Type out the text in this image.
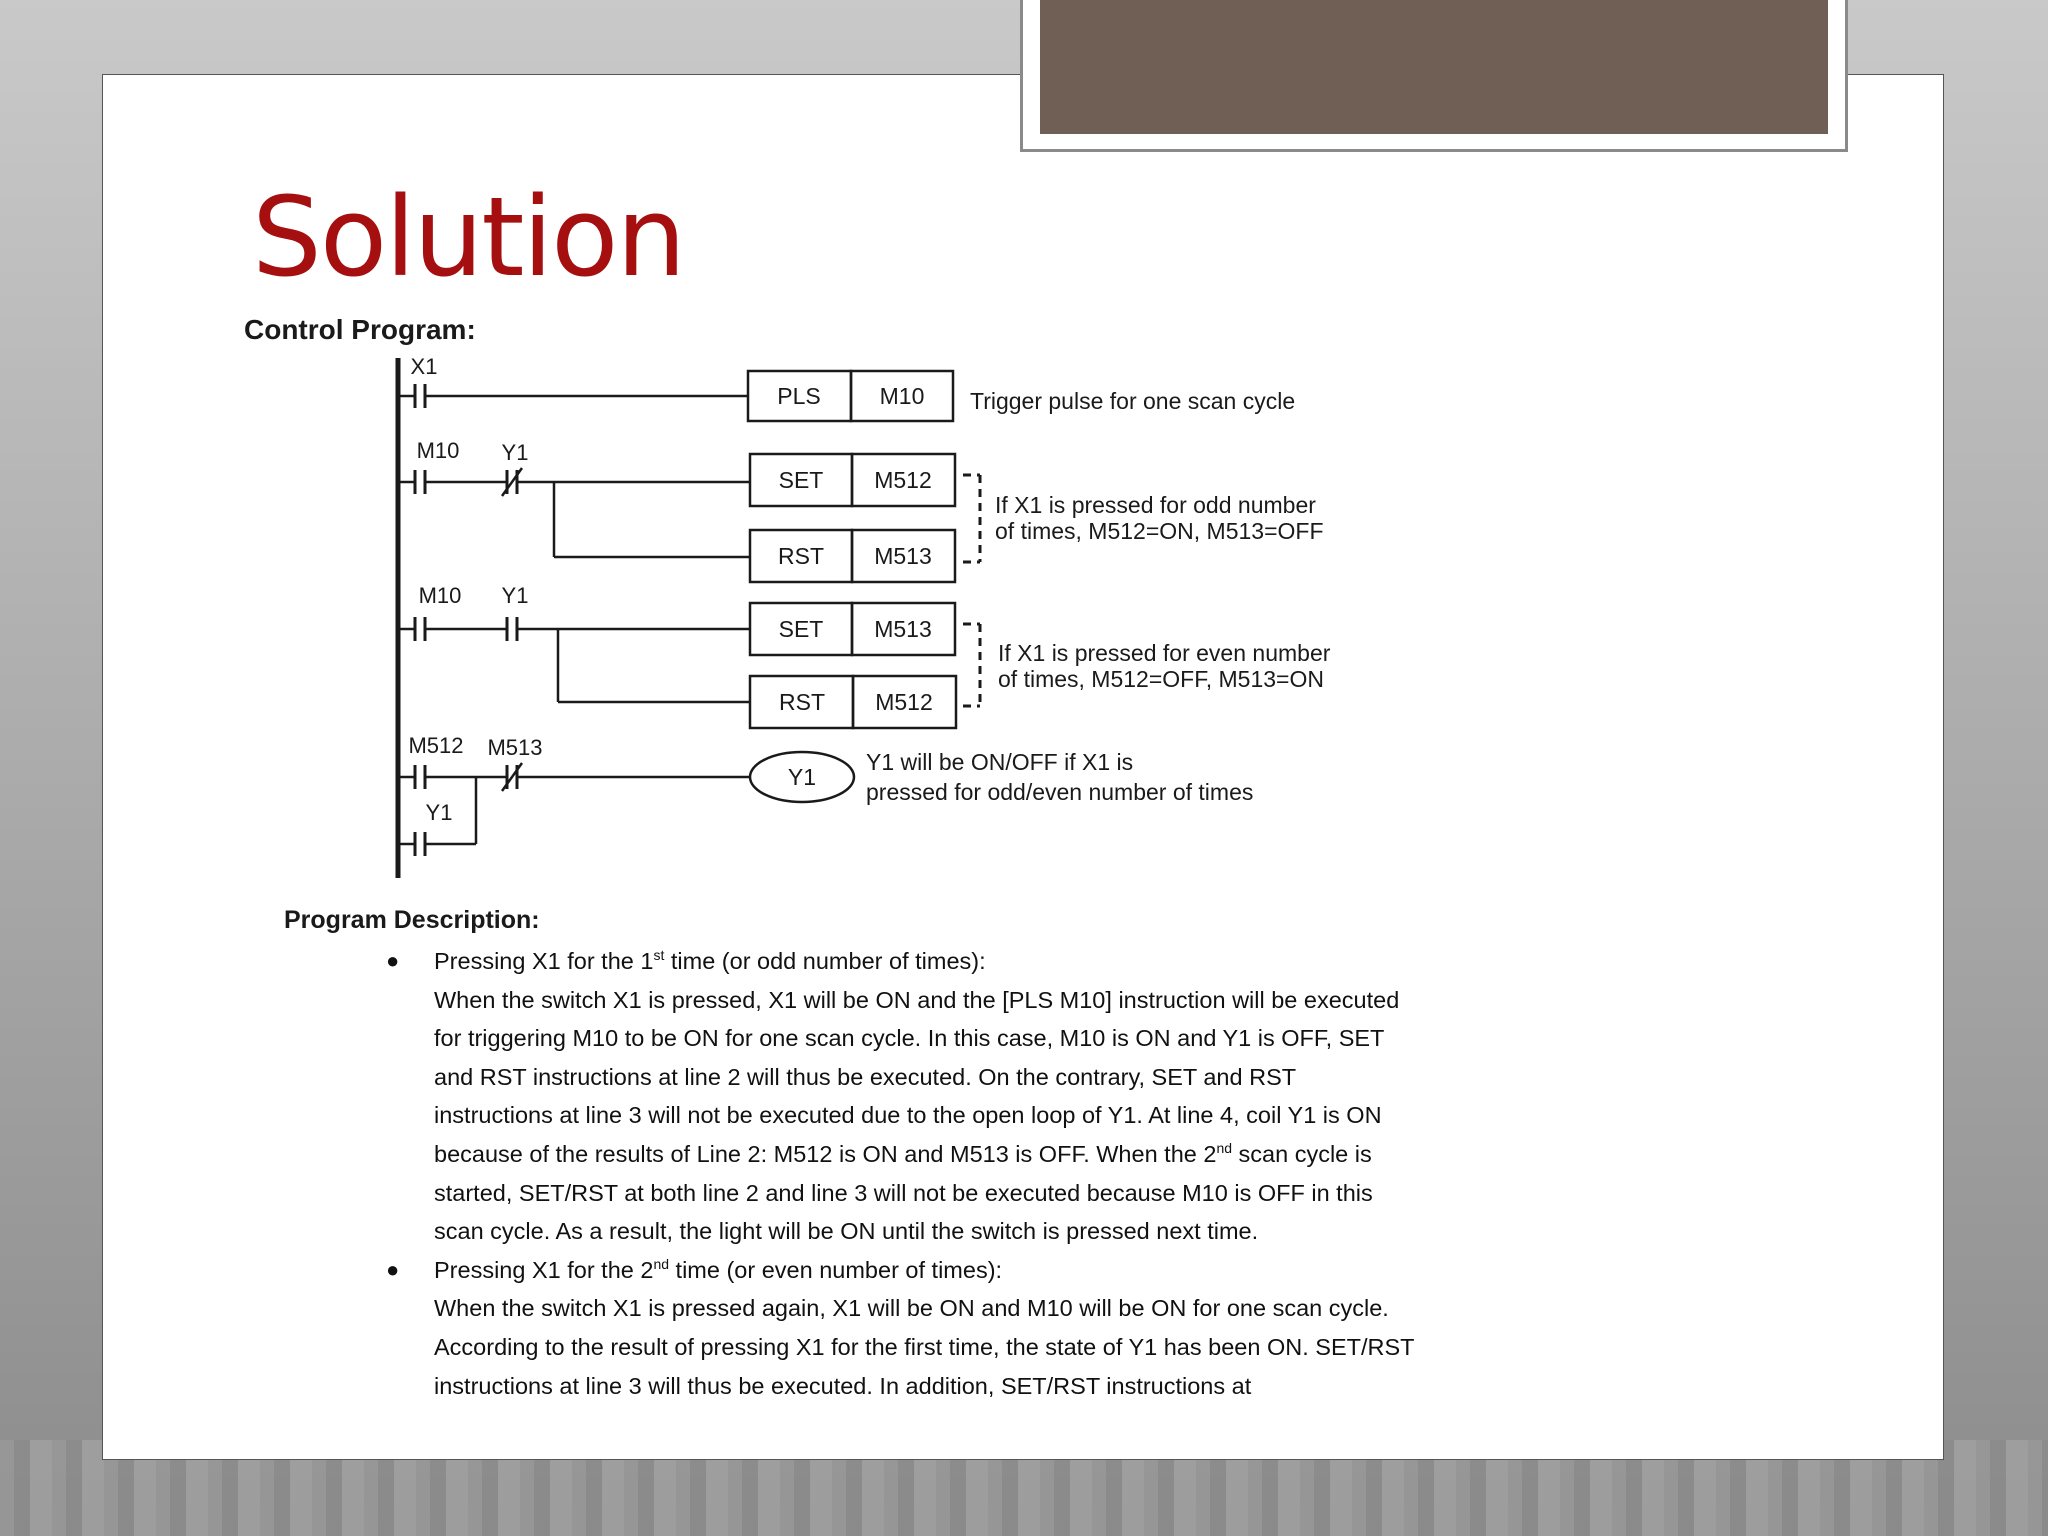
Solution
Control Program:
X1
PLS	M10 Trigger pulse for one scan cycle
M10 Y1
SET M512
RST M513
If X1 is pressed for odd number
of times, M512=ON, M513=OFF
M10 Y1
SET M513
RST M512
If X1 is pressed for even number
of times, M512=OFF, M513=ON
M512 M513
Y1
Y1
Y1 will be ON/OFF if X1 is
pressed for odd/even number of times
Program Description:
● Pressing X1 for the 1st time (or odd number of times):

When the switch X1 is pressed, X1 will be ON and the [PLS M10] instruction will be executed for triggering M10 to be ON for one scan cycle. In this case, M10 is ON and Y1 is OFF, SET and RST instructions at line 2 will thus be executed. On the contrary, SET and RST instructions at line 3 will not be executed due to the open loop of Y1. At line 4, coil Y1 is ON because of the results of Line 2: M512 is ON and M513 is OFF. When the 2nd scan cycle is started, SET/RST at both line 2 and line 3 will not be executed because M10 is OFF in this scan cycle. As a result, the light will be ON until the switch is pressed next time.

● Pressing X1 for the 2nd time (or even number of times):

When the switch X1 is pressed again, X1 will be ON and M10 will be ON for one scan cycle. According to the result of pressing X1 for the first time, the state of Y1 has been ON. SET/RST instructions at line 3 will thus be executed. In addition, SET/RST instructions at
